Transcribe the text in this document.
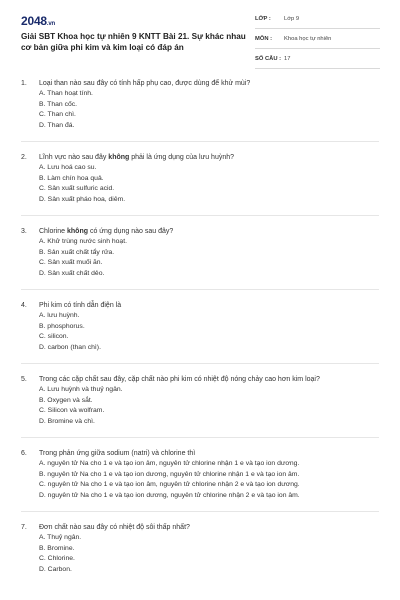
2048.vn
Giải SBT Khoa học tự nhiên 9 KNTT Bài 21. Sự khác nhau cơ bản giữa phi kim và kim loại có đáp án
LỚP : Lớp 9
MÔN : Khoa học tự nhiên
SỐ CÂU : 17
1. Loại than nào sau đây có tính hấp phụ cao, được dùng để khử mùi?
A. Than hoạt tính.
B. Than cốc.
C. Than chì.
D. Than đá.
2. Lĩnh vực nào sau đây không phải là ứng dụng của lưu huỳnh?
A. Lưu hoá cao su.
B. Làm chín hoa quả.
C. Sản xuất sulfuric acid.
D. Sản xuất pháo hoa, diêm.
3. Chlorine không có ứng dụng nào sau đây?
A. Khử trùng nước sinh hoạt.
B. Sản xuất chất tẩy rửa.
C. Sản xuất muối ăn.
D. Sản xuất chất dẻo.
4. Phi kim có tính dẫn điện là
A. lưu huỳnh.
B. phosphorus.
C. silicon.
D. carbon (than chì).
5. Trong các cặp chất sau đây, cặp chất nào phi kim có nhiệt độ nóng chảy cao hơn kim loại?
A. Lưu huỳnh và thuỷ ngân.
B. Oxygen và sắt.
C. Silicon và wolfram.
D. Bromine và chì.
6. Trong phản ứng giữa sodium (natri) và chlorine thì
A. nguyên tử Na cho 1 e và tạo ion âm, nguyên tử chlorine nhận 1 e và tạo ion dương.
B. nguyên tử Na cho 1 e và tạo ion dương, nguyên tử chlorine nhận 1 e và tạo ion âm.
C. nguyên tử Na cho 1 e và tạo ion âm, nguyên tử chlorine nhận 2 e và tạo ion dương.
D. nguyên tử Na cho 1 e và tạo ion dương, nguyên tử chlorine nhận 2 e và tạo ion âm.
7. Đơn chất nào sau đây có nhiệt độ sôi thấp nhất?
A. Thuỷ ngân.
B. Bromine.
C. Chlorine.
D. Carbon.
